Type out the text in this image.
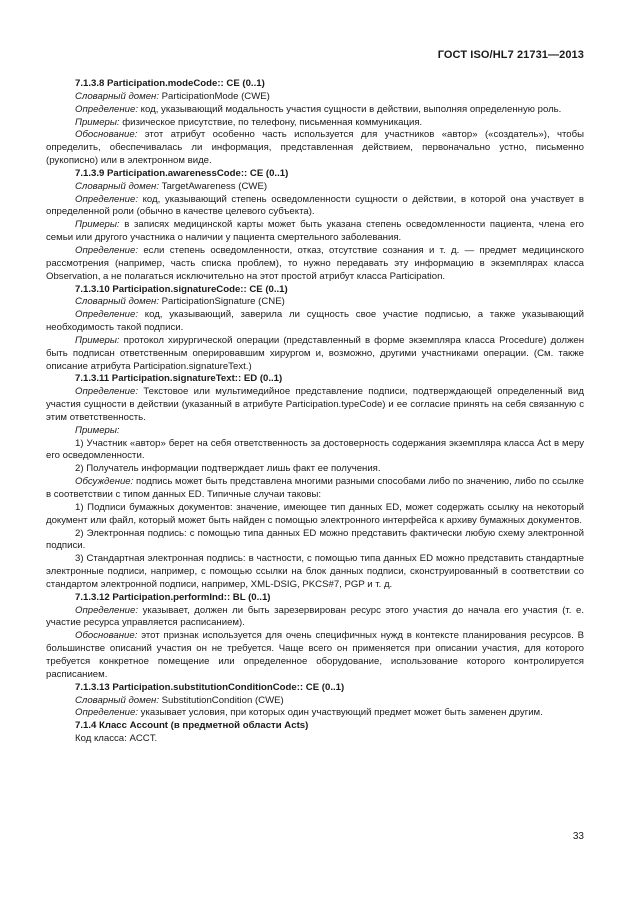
ГОСТ ISO/HL7 21731—2013

7.1.3.8 Participation.modeCode:: CE (0..1)

Словарный домен: ParticipationMode (CWE)

Определение: код, указывающий модальность участия сущности в действии, выполняя определенную роль.

Примеры: физическое присутствие, по телефону, письменная коммуникация.

Обоснование: этот атрибут особенно часть используется для участников «автор» («создатель»), чтобы определить, обеспечивалась ли информация, представленная действием, первоначально устно, письменно (рукописно) или в электронном виде.

7.1.3.9 Participation.awarenessCode:: CE (0..1)

Словарный домен: TargetAwareness (CWE)

Определение: код, указывающий степень осведомленности сущности о действии, в которой она участвует в определенной роли (обычно в качестве целевого субъекта).

Примеры: в записях медицинской карты может быть указана степень осведомленности пациента, члена его семьи или другого участника о наличии у пациента смертельного заболевания.

Определение: если степень осведомленности, отказ, отсутствие сознания и т. д. — предмет медицинского рассмотрения (например, часть списка проблем), то нужно передавать эту информацию в экземплярах класса Observation, а не полагаться исключительно на этот простой атрибут класса Participation.

7.1.3.10 Participation.signatureCode:: CE (0..1)

Словарный домен: ParticipationSignature (CNE)

Определение: код, указывающий, заверила ли сущность свое участие подписью, а также указывающий необходимость такой подписи.

Примеры: протокол хирургической операции (представленный в форме экземпляра класса Procedure) должен быть подписан ответственным оперировавшим хирургом и, возможно, другими участниками операции. (См. также описание атрибута Participation.signatureText.)

7.1.3.11 Participation.signatureText:: ED (0..1)

Определение: Текстовое или мультимедийное представление подписи, подтверждающей определенный вид участия сущности в действии (указанный в атрибуте Participation.typeCode) и ее согласие принять на себя связанную с этим ответственность.

Примеры:

1) Участник «автор» берет на себя ответственность за достоверность содержания экземпляра класса Act в меру его осведомленности.

2) Получатель информации подтверждает лишь факт ее получения.

Обсуждение: подпись может быть представлена многими разными способами либо по значению, либо по ссылке в соответствии с типом данных ED. Типичные случаи таковы:

1) Подписи бумажных документов: значение, имеющее тип данных ED, может содержать ссылку на некоторый документ или файл, который может быть найден с помощью электронного интерфейса к архиву бумажных документов.

2) Электронная подпись: с помощью типа данных ED можно представить фактически любую схему электронной подписи.

3) Стандартная электронная подпись: в частности, с помощью типа данных ED можно представить стандартные электронные подписи, например, с помощью ссылки на блок данных подписи, сконструированный в соответствии со стандартом электронной подписи, например, XML-DSIG, PKCS#7, PGP и т. д.

7.1.3.12 Participation.performInd:: BL (0..1)

Определение: указывает, должен ли быть зарезервирован ресурс этого участия до начала его участия (т. е. участие ресурса управляется расписанием).

Обоснование: этот признак используется для очень специфичных нужд в контексте планирования ресурсов. В большинстве описаний участия он не требуется. Чаще всего он применяется при описании участия, для которого требуется конкретное помещение или определенное оборудование, использование которого контролируется расписанием.

7.1.3.13 Participation.substitutionConditionCode:: CE (0..1)

Словарный домен: SubstitutionCondition (CWE)

Определение: указывает условия, при которых один участвующий предмет может быть заменен другим.

7.1.4 Класс Account (в предметной области Acts)

Код класса: ACCT.

33
